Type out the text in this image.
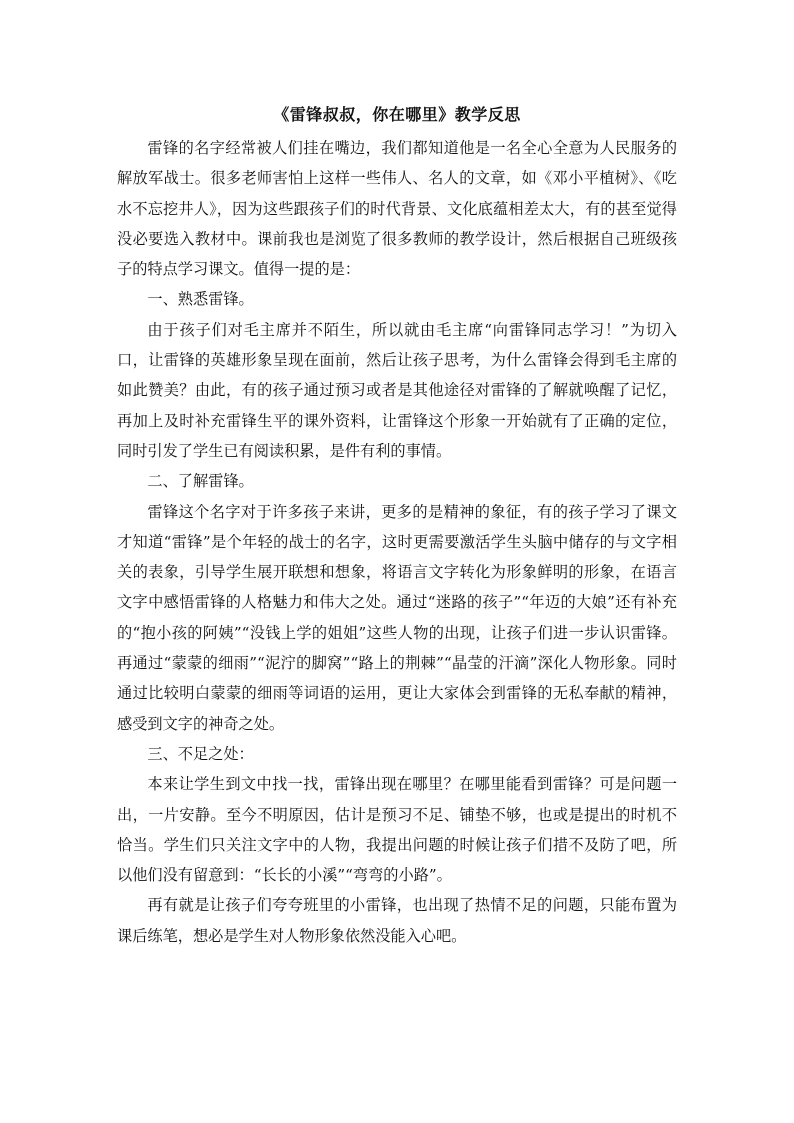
《雷锋叔叔，你在哪里》教学反思

雷锋的名字经常被人们挂在嘴边，我们都知道他是一名全心全意为人民服务的解放军战士。很多老师害怕上这样一些伟人、名人的文章，如《邓小平植树》、《吃水不忘挖井人》，因为这些跟孩子们的时代背景、文化底蕴相差太大，有的甚至觉得没必要选入教材中。课前我也是浏览了很多教师的教学设计，然后根据自己班级孩子的特点学习课文。值得一提的是：

一、熟悉雷锋。

由于孩子们对毛主席并不陌生，所以就由毛主席“向雷锋同志学习！”为切入口，让雷锋的英雄形象呈现在面前，然后让孩子思考，为什么雷锋会得到毛主席的如此赞美？由此，有的孩子通过预习或者是其他途径对雷锋的了解就唤醒了记忆，再加上及时补充雷锋生平的课外资料，让雷锋这个形象一开始就有了正确的定位，同时引发了学生已有阅读积累，是件有利的事情。

二、了解雷锋。

雷锋这个名字对于许多孩子来讲，更多的是精神的象征，有的孩子学习了课文才知道“雷锋”是个年轻的战士的名字，这时更需要激活学生头脑中储存的与文字相关的表象，引导学生展开联想和想象，将语言文字转化为形象鲜明的形象，在语言文字中感悟雷锋的人格魅力和伟大之处。通过“迷路的孩子”“年迈的大娘”还有补充的“抱小孩的阿姨”“没钱上学的姐姐”这些人物的出现，让孩子们进一步认识雷锋。再通过“蒙蒙的细雨”“泥泞的脚窝”“路上的荆棘”“晶莹的汗滴”深化人物形象。同时通过比较明白蒙蒙的细雨等词语的运用，更让大家体会到雷锋的无私奉献的精神，感受到文字的神奇之处。

三、不足之处：

本来让学生到文中找一找，雷锋出现在哪里？在哪里能看到雷锋？可是问题一出，一片安静。至今不明原因，估计是预习不足、铺垫不够，也或是提出的时机不恰当。学生们只关注文字中的人物，我提出问题的时候让孩子们措不及防了吧，所以他们没有留意到：“长长的小溪”“弯弯的小路”。

再有就是让孩子们夸夸班里的小雷锋，也出现了热情不足的问题，只能布置为课后练笔，想必是学生对人物形象依然没能入心吧。
